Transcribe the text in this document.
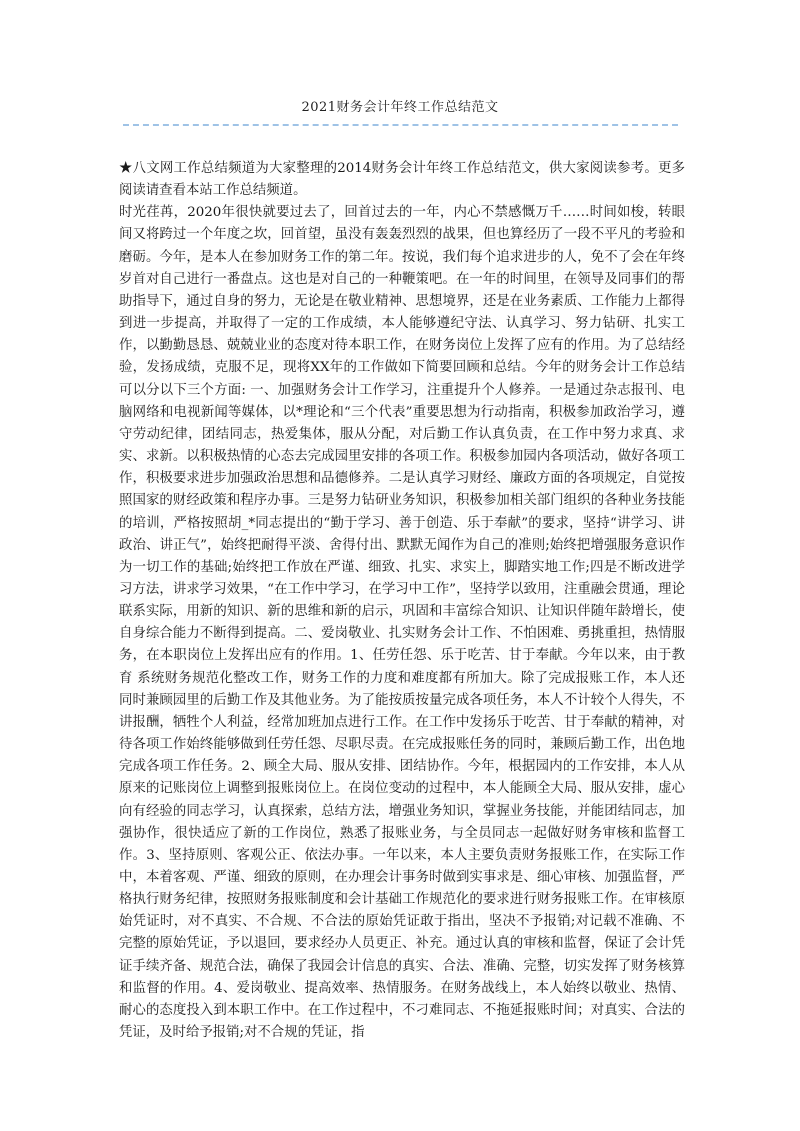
2021财务会计年终工作总结范文

★八文网工作总结频道为大家整理的2014财务会计年终工作总结范文，供大家阅读参考。更多阅读请查看本站工作总结频道。

时光荏苒，2020年很快就要过去了，回首过去的一年，内心不禁感慨万千……时间如梭，转眼间又将跨过一个年度之坎，回首望，虽没有轰轰烈烈的战果，但也算经历了一段不平凡的考验和磨砺。今年，是本人在参加财务工作的第二年。按说，我们每个追求进步的人，免不了会在年终岁首对自己进行一番盘点。这也是对自己的一种鞭策吧。在一年的时间里，在领导及同事们的帮助指导下，通过自身的努力，无论是在敬业精神、思想境界，还是在业务素质、工作能力上都得到进一步提高，并取得了一定的工作成绩，本人能够遵纪守法、认真学习、努力钻研、扎实工作，以勤勤恳恳、兢兢业业的态度对待本职工作，在财务岗位上发挥了应有的作用。为了总结经验，发扬成绩，克服不足，现将XX年的工作做如下简要回顾和总结。今年的财务会计工作总结可以分以下三个方面: 一、加强财务会计工作学习，注重提升个人修养。一是通过杂志报刊、电脑网络和电视新闻等媒体，以*理论和“三个代表”重要思想为行动指南，积极参加政治学习，遵守劳动纪律，团结同志，热爱集体，服从分配，对后勤工作认真负责，在工作中努力求真、求实、求新。以积极热情的心态去完成园里安排的各项工作。积极参加园内各项活动，做好各项工作，积极要求进步加强政治思想和品德修养。二是认真学习财经、廉政方面的各项规定，自觉按照国家的财经政策和程序办事。三是努力钻研业务知识，积极参加相关部门组织的各种业务技能的培训，严格按照胡_*同志提出的“勤于学习、善于创造、乐于奉献”的要求，坚持“讲学习、讲政治、讲正气”，始终把耐得平淡、舍得付出、默默无闻作为自己的准则;始终把增强服务意识作为一切工作的基础;始终把工作放在严谨、细致、扎实、求实上，脚踏实地工作;四是不断改进学习方法，讲求学习效果，“在工作中学习，在学习中工作”，坚持学以致用，注重融会贯通，理论联系实际，用新的知识、新的思维和新的启示，巩固和丰富综合知识、让知识伴随年龄增长，使自身综合能力不断得到提高。二、爱岗敬业、扎实财务会计工作、不怕困难、勇挑重担，热情服务，在本职岗位上发挥出应有的作用。1、任劳任怨、乐于吃苦、甘于奉献。今年以来，由于教育 系统财务规范化整改工作，财务工作的力度和难度都有所加大。除了完成报账工作，本人还同时兼顾园里的后勤工作及其他业务。为了能按质按量完成各项任务，本人不计较个人得失，不讲报酬，牺牲个人利益，经常加班加点进行工作。在工作中发扬乐于吃苦、甘于奉献的精神，对待各项工作始终能够做到任劳任怨、尽职尽责。在完成报账任务的同时，兼顾后勤工作，出色地完成各项工作任务。2、顾全大局、服从安排、团结协作。今年，根据园内的工作安排，本人从原来的记账岗位上调整到报账岗位上。在岗位变动的过程中，本人能顾全大局、服从安排，虚心向有经验的同志学习，认真探索，总结方法，增强业务知识，掌握业务技能，并能团结同志，加强协作，很快适应了新的工作岗位，熟悉了报账业务，与全员同志一起做好财务审核和监督工作。3、坚持原则、客观公正、依法办事。一年以来，本人主要负责财务报账工作，在实际工作中，本着客观、严谨、细致的原则，在办理会计事务时做到实事求是、细心审核、加强监督，严格执行财务纪律，按照财务报账制度和会计基础工作规范化的要求进行财务报账工作。在审核原始凭证时，对不真实、不合规、不合法的原始凭证敢于指出，坚决不予报销;对记载不准确、不完整的原始凭证，予以退回，要求经办人员更正、补充。通过认真的审核和监督，保证了会计凭证手续齐备、规范合法，确保了我园会计信息的真实、合法、准确、完整，切实发挥了财务核算和监督的作用。4、爱岗敬业、提高效率、热情服务。在财务战线上，本人始终以敬业、热情、耐心的态度投入到本职工作中。在工作过程中，不刁难同志、不拖延报账时间；对真实、合法的凭证，及时给予报销;对不合规的凭证，指
